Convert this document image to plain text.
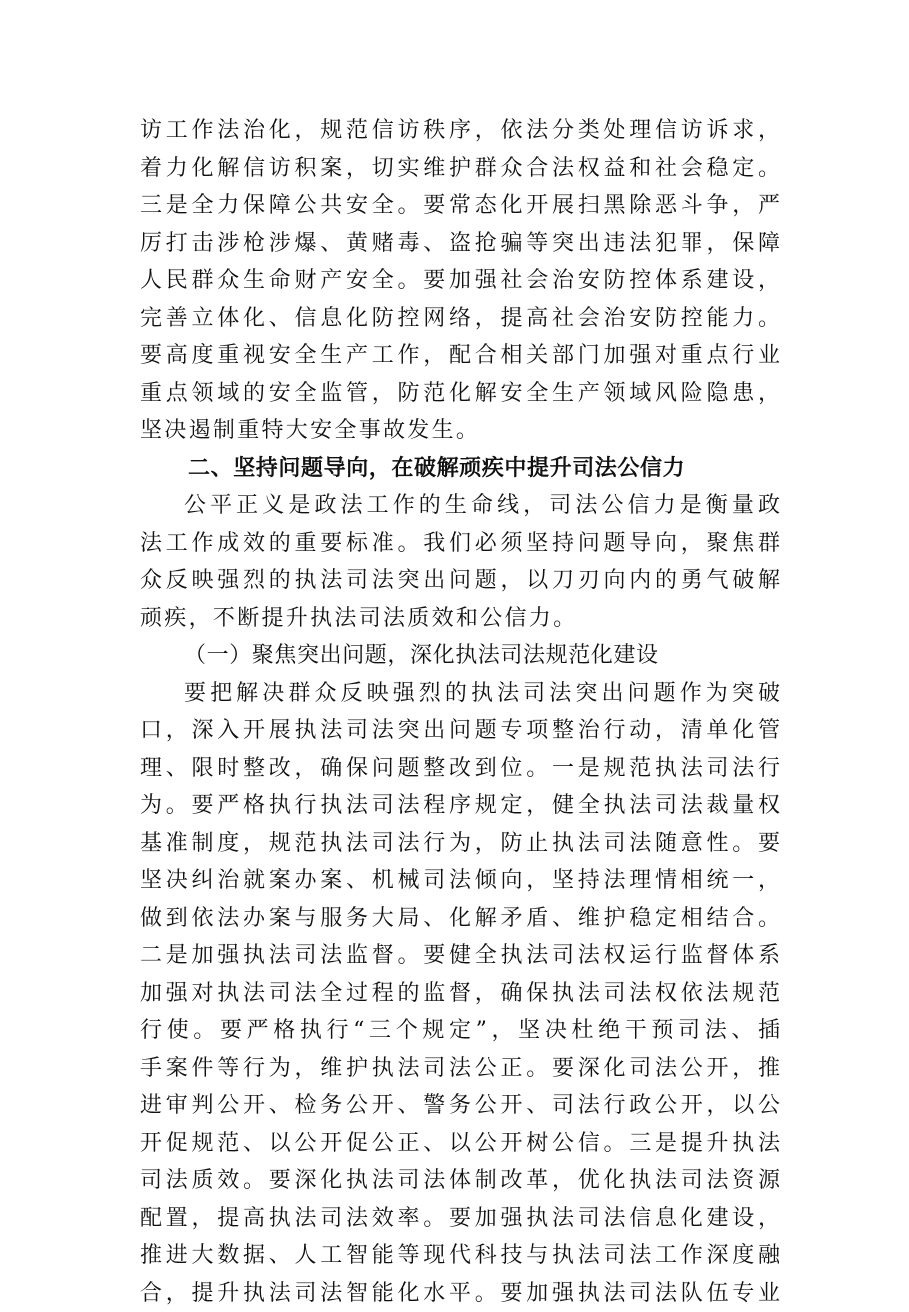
访工作法治化，规范信访秩序，依法分类处理信访诉求，
着力化解信访积案，切实维护群众合法权益和社会稳定。
三是全力保障公共安全。要常态化开展扫黑除恶斗争，严
厉打击涉枪涉爆、黄赌毒、盗抢骗等突出违法犯罪，保障
人民群众生命财产安全。要加强社会治安防控体系建设，
完善立体化、信息化防控网络，提高社会治安防控能力。
要高度重视安全生产工作，配合相关部门加强对重点行业
重点领域的安全监管，防范化解安全生产领域风险隐患，
坚决遏制重特大安全事故发生。
二、坚持问题导向，在破解顽疾中提升司法公信力
公平正义是政法工作的生命线，司法公信力是衡量政
法工作成效的重要标准。我们必须坚持问题导向，聚焦群
众反映强烈的执法司法突出问题，以刀刃向内的勇气破解
顽疾，不断提升执法司法质效和公信力。
（一）聚焦突出问题，深化执法司法规范化建设
要把解决群众反映强烈的执法司法突出问题作为突破
口，深入开展执法司法突出问题专项整治行动，清单化管
理、限时整改，确保问题整改到位。一是规范执法司法行
为。要严格执行执法司法程序规定，健全执法司法裁量权
基准制度，规范执法司法行为，防止执法司法随意性。要
坚决纠治就案办案、机械司法倾向，坚持法理情相统一，
做到依法办案与服务大局、化解矛盾、维护稳定相结合。
二是加强执法司法监督。要健全执法司法权运行监督体系
加强对执法司法全过程的监督，确保执法司法权依法规范
行使。要严格执行“三个规定”，坚决杜绝干预司法、插
手案件等行为，维护执法司法公正。要深化司法公开，推
进审判公开、检务公开、警务公开、司法行政公开，以公
开促规范、以公开促公正、以公开树公信。三是提升执法
司法质效。要深化执法司法体制改革，优化执法司法资源
配置，提高执法司法效率。要加强执法司法信息化建设，
推进大数据、人工智能等现代科技与执法司法工作深度融
合，提升执法司法智能化水平。要加强执法司法队伍专业
